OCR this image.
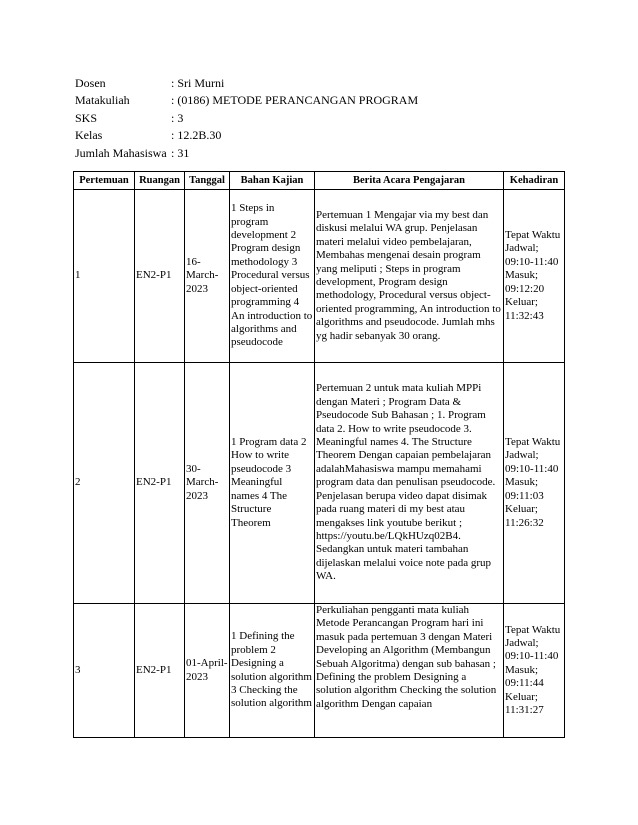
Dosen	: Sri Murni
Matakuliah	: (0186) METODE PERANCANGAN PROGRAM
SKS	: 3
Kelas	: 12.2B.30
Jumlah Mahasiswa : 31
Pertemuan	Ruangan	Tanggal	Bahan Kajian	Berita Acara Pengajaran	Kehadiran
1	EN2-P1	16-March-2023	1 Steps in program development 2 Program design methodology 3 Procedural versus object-oriented programming 4 An introduction to algorithms and pseudocode	Pertemuan 1 Mengajar via my best dan diskusi melalui WA grup. Penjelasan materi melalui video pembelajaran, Membahas mengenai desain program yang meliputi ; Steps in program development, Program design methodology, Procedural versus object-oriented programming, An introduction to algorithms and pseudocode. Jumlah mhs yg hadir sebanyak 30 orang.	Tepat Waktu Jadwal; 09:10-11:40 Masuk; 09:12:20 Keluar; 11:32:43
2	EN2-P1	30-March-2023	1 Program data 2 How to write pseudocode 3 Meaningful names 4 The Structure Theorem	Pertemuan 2 untuk mata kuliah MPPi dengan Materi ; Program Data & Pseudocode Sub Bahasan ; 1. Program data 2. How to write pseudocode 3. Meaningful names 4. The Structure Theorem Dengan capaian pembelajaran adalahMahasiswa mampu memahami program data dan penulisan pseudocode. Penjelasan berupa video dapat disimak pada ruang materi di my best atau mengakses link youtube berikut ; https://youtu.be/LQkHUzq02B4. Sedangkan untuk materi tambahan dijelaskan melalui voice note pada grup WA.	Tepat Waktu Jadwal; 09:10-11:40 Masuk; 09:11:03 Keluar; 11:26:32
3	EN2-P1	01-April-2023	1 Defining the problem 2 Designing a solution algorithm 3 Checking the solution algorithm	Perkuliahan pengganti mata kuliah Metode Perancangan Program hari ini masuk pada pertemuan 3 dengan Materi Developing an Algorithm (Membangun Sebuah Algoritma) dengan sub bahasan ; Defining the problem Designing a solution algorithm Checking the solution algorithm Dengan capaian	Tepat Waktu Jadwal; 09:10-11:40 Masuk; 09:11:44 Keluar; 11:31:27
